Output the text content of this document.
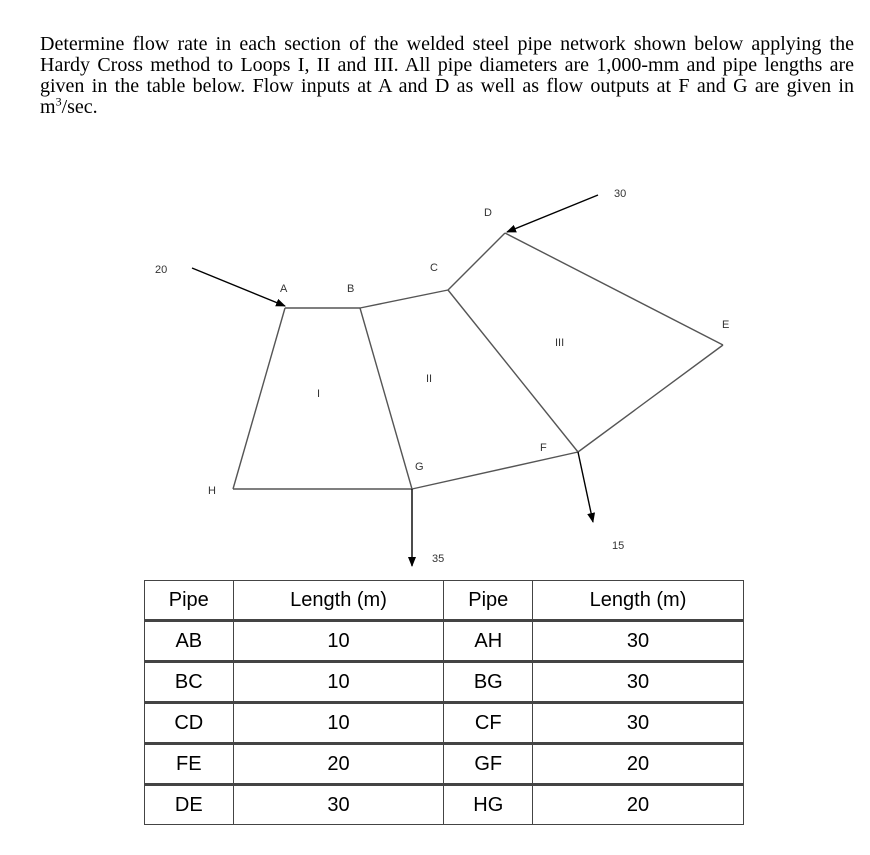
Determine flow rate in each section of the welded steel pipe network shown below applying the Hardy Cross method to Loops I, II and III. All pipe diameters are 1,000-mm and pipe lengths are given in the table below. Flow inputs at A and D as well as flow outputs at F and G are given in $m^3/\sec$.

A	B
C
D
E
F
G
H
I
II
III
20
30
35
15
Pipe	Length (m)	Pipe	Length (m)
AB	10	AH	30
BC	10	BG	30
CD	10	CF	30
FE	20	GF	20
DE	30	HG	20
